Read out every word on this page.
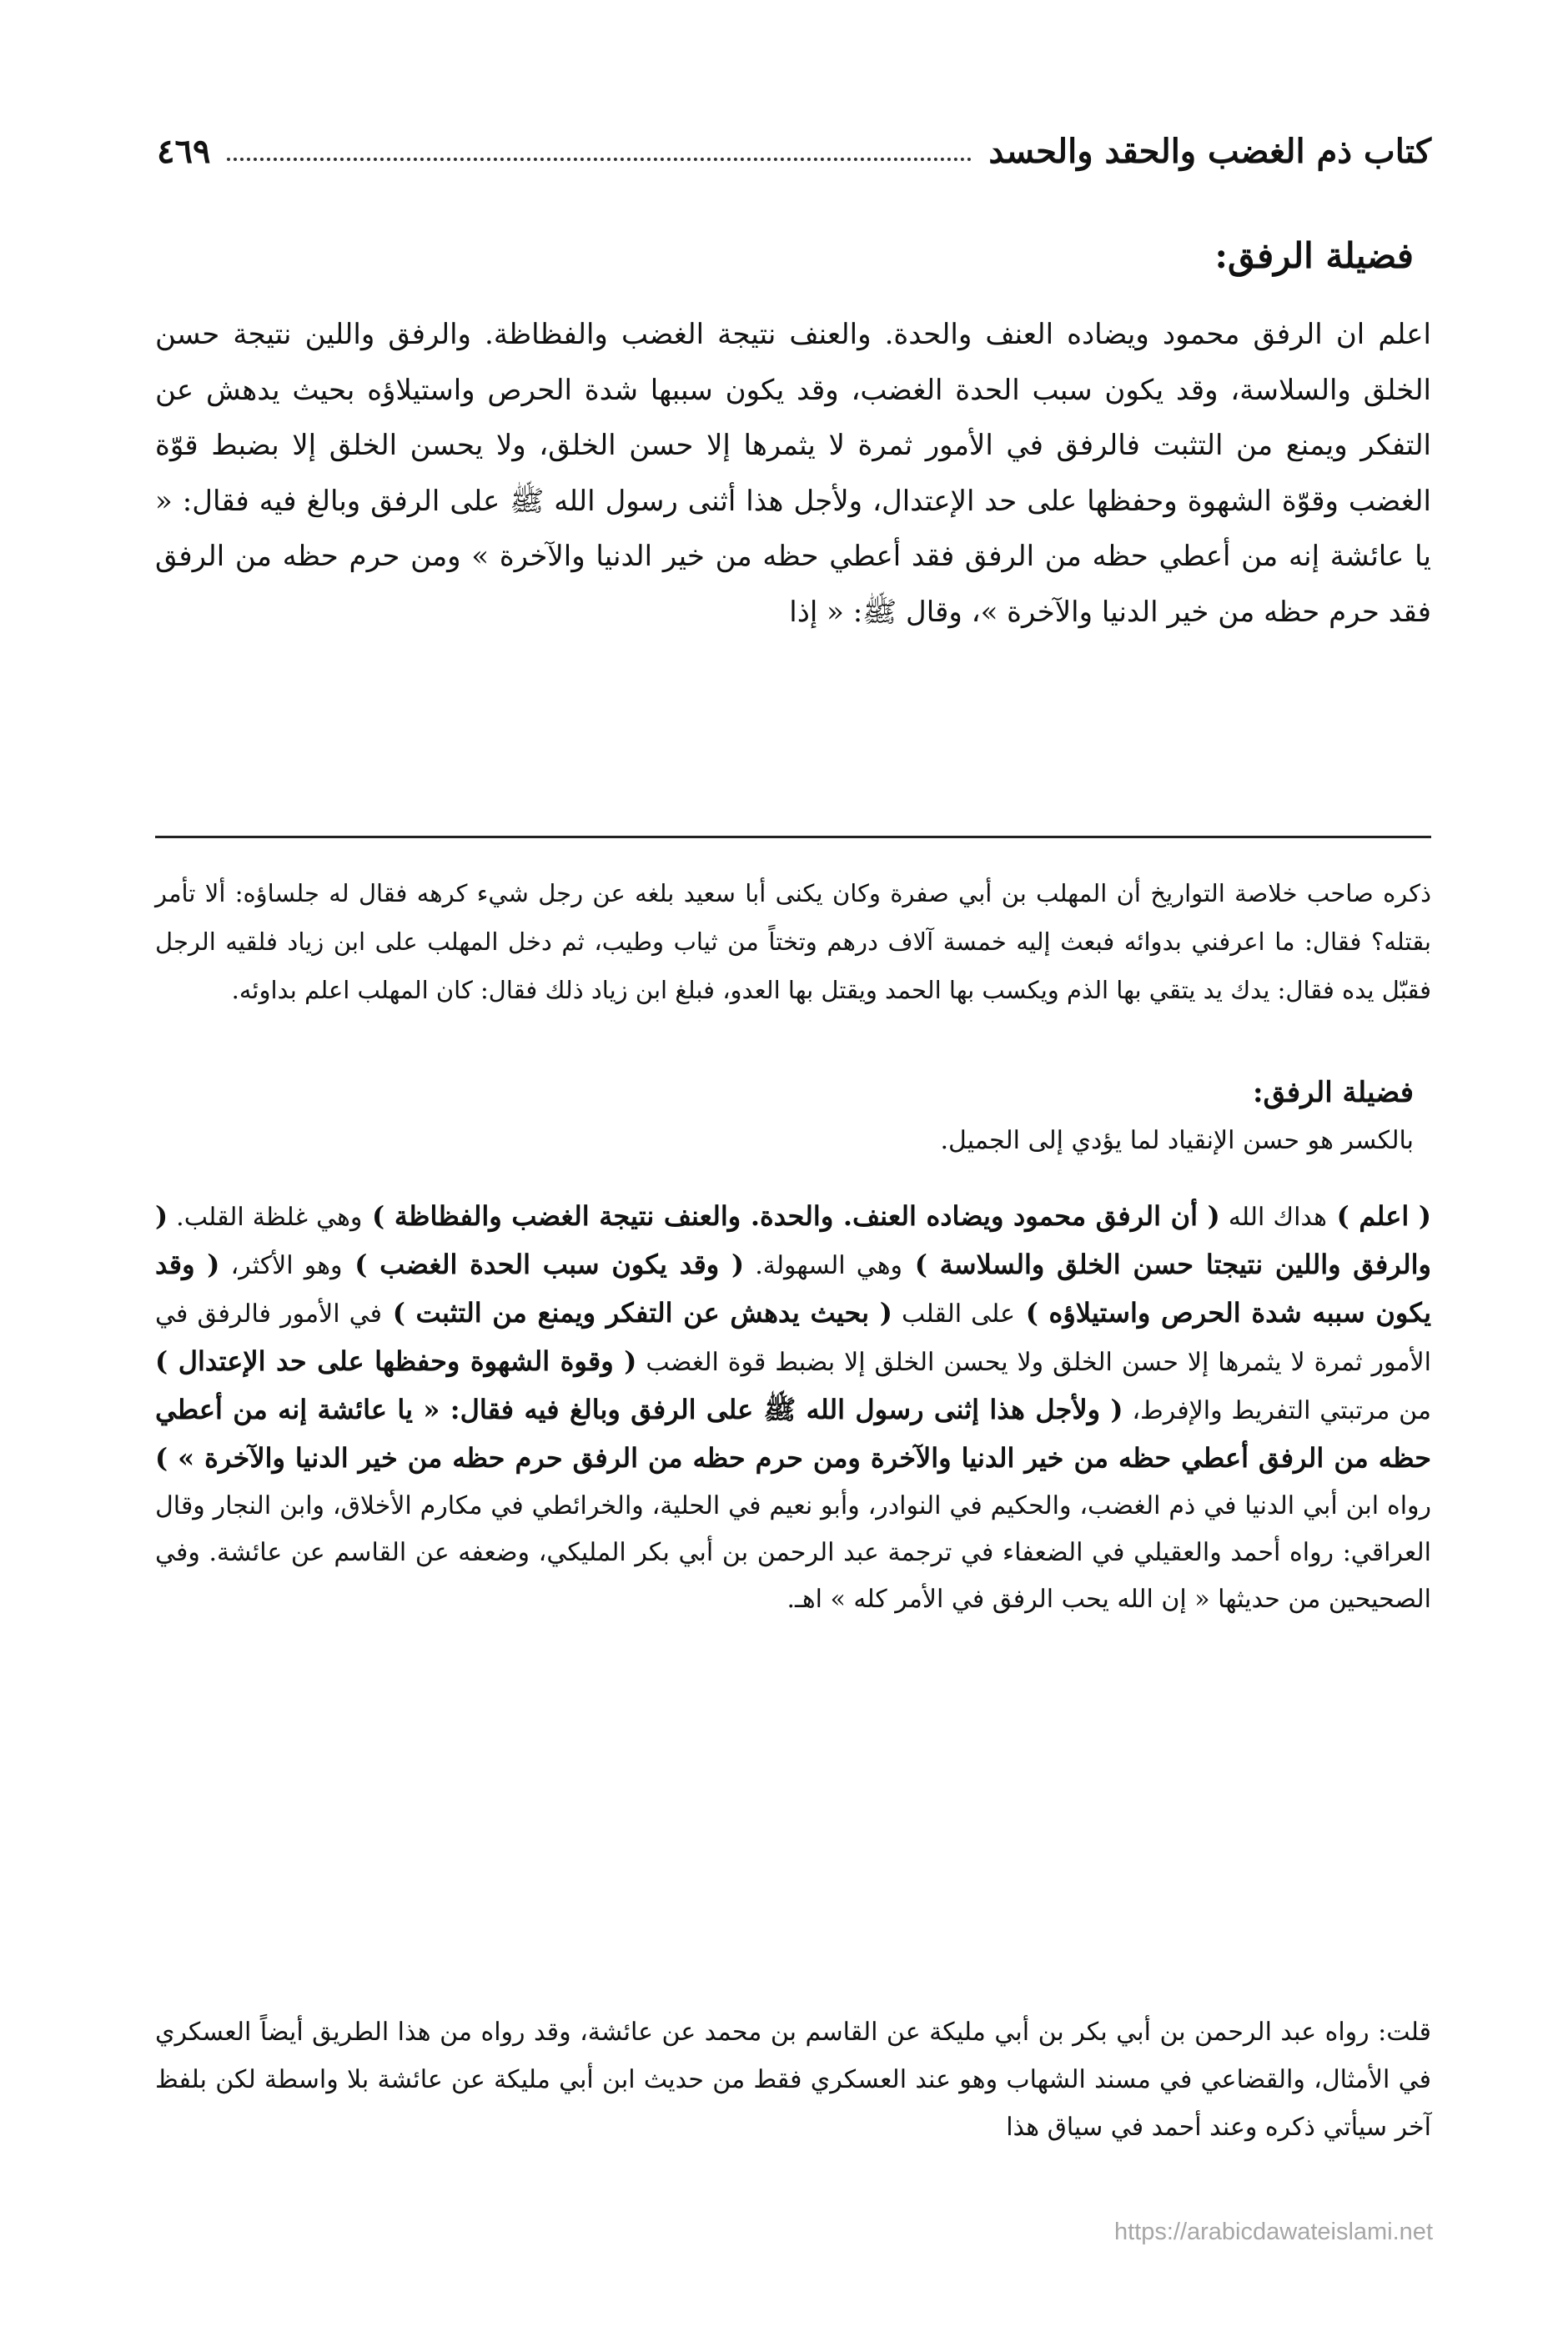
كتاب ذم الغضب والحقد والحسد
٤٦٩
فضيلة الرفق:

اعلم ان الرفق محمود ويضاده العنف والحدة. والعنف نتيجة الغضب والفظاظة. والرفق واللين نتيجة حسن الخلق والسلاسة، وقد يكون سبب الحدة الغضب، وقد يكون سببها شدة الحرص واستيلاؤه بحيث يدهش عن التفكر ويمنع من التثبت فالرفق في الأمور ثمرة لا يثمرها إلا حسن الخلق، ولا يحسن الخلق إلا بضبط قوّة الغضب وقوّة الشهوة وحفظها على حد الإعتدال، ولأجل هذا أثنى رسول الله ﷺ على الرفق وبالغ فيه فقال: « يا عائشة إنه من أعطي حظه من الرفق فقد أعطي حظه من خير الدنيا والآخرة » ومن حرم حظه من الرفق فقد حرم حظه من خير الدنيا والآخرة »، وقال ﷺ: « إذا

ذكره صاحب خلاصة التواريخ أن المهلب بن أبي صفرة وكان يكنى أبا سعيد بلغه عن رجل شيء كرهه فقال له جلساؤه: ألا تأمر بقتله؟ فقال: ما اعرفني بدوائه فبعث إليه خمسة آلاف درهم وتختاً من ثياب وطيب، ثم دخل المهلب على ابن زياد فلقيه الرجل فقبّل يده فقال: يدك يد يتقي بها الذم ويكسب بها الحمد ويقتل بها العدو، فبلغ ابن زياد ذلك فقال: كان المهلب اعلم بداوئه.

فضيلة الرفق:
بالكسر هو حسن الإنقياد لما يؤدي إلى الجميل.

( اعلم ) هداك الله ( أن الرفق محمود ويضاده العنف. والحدة. والعنف نتيجة الغضب والفظاظة ) وهي غلظة القلب. ( والرفق واللين نتيجتا حسن الخلق والسلاسة ) وهي السهولة. ( وقد يكون سبب الحدة الغضب ) وهو الأكثر، ( وقد يكون سببه شدة الحرص واستيلاؤه ) على القلب ( بحيث يدهش عن التفكر ويمنع من التثبت ) في الأمور فالرفق في الأمور ثمرة لا يثمرها إلا حسن الخلق ولا يحسن الخلق إلا بضبط قوة الغضب ( وقوة الشهوة وحفظها على حد الإعتدال ) من مرتبتي التفريط والإفرط، ( ولأجل هذا إثنى رسول الله ﷺ على الرفق وبالغ فيه فقال: « يا عائشة إنه من أعطي حظه من الرفق أعطي حظه من خير الدنيا والآخرة ومن حرم حظه من الرفق حرم حظه من خير الدنيا والآخرة » ) رواه ابن أبي الدنيا في ذم الغضب، والحكيم في النوادر، وأبو نعيم في الحلية، والخرائطي في مكارم الأخلاق، وابن النجار وقال العراقي: رواه أحمد والعقيلي في الضعفاء في ترجمة عبد الرحمن بن أبي بكر المليكي، وضعفه عن القاسم عن عائشة. وفي الصحيحين من حديثها « إن الله يحب الرفق في الأمر كله » اهـ.

قلت: رواه عبد الرحمن بن أبي بكر بن أبي مليكة عن القاسم بن محمد عن عائشة، وقد رواه من هذا الطريق أيضاً العسكري في الأمثال، والقضاعي في مسند الشهاب وهو عند العسكري فقط من حديث ابن أبي مليكة عن عائشة بلا واسطة لكن بلفظ آخر سيأتي ذكره وعند أحمد في سياق هذا

https://arabicdawateislami.net
